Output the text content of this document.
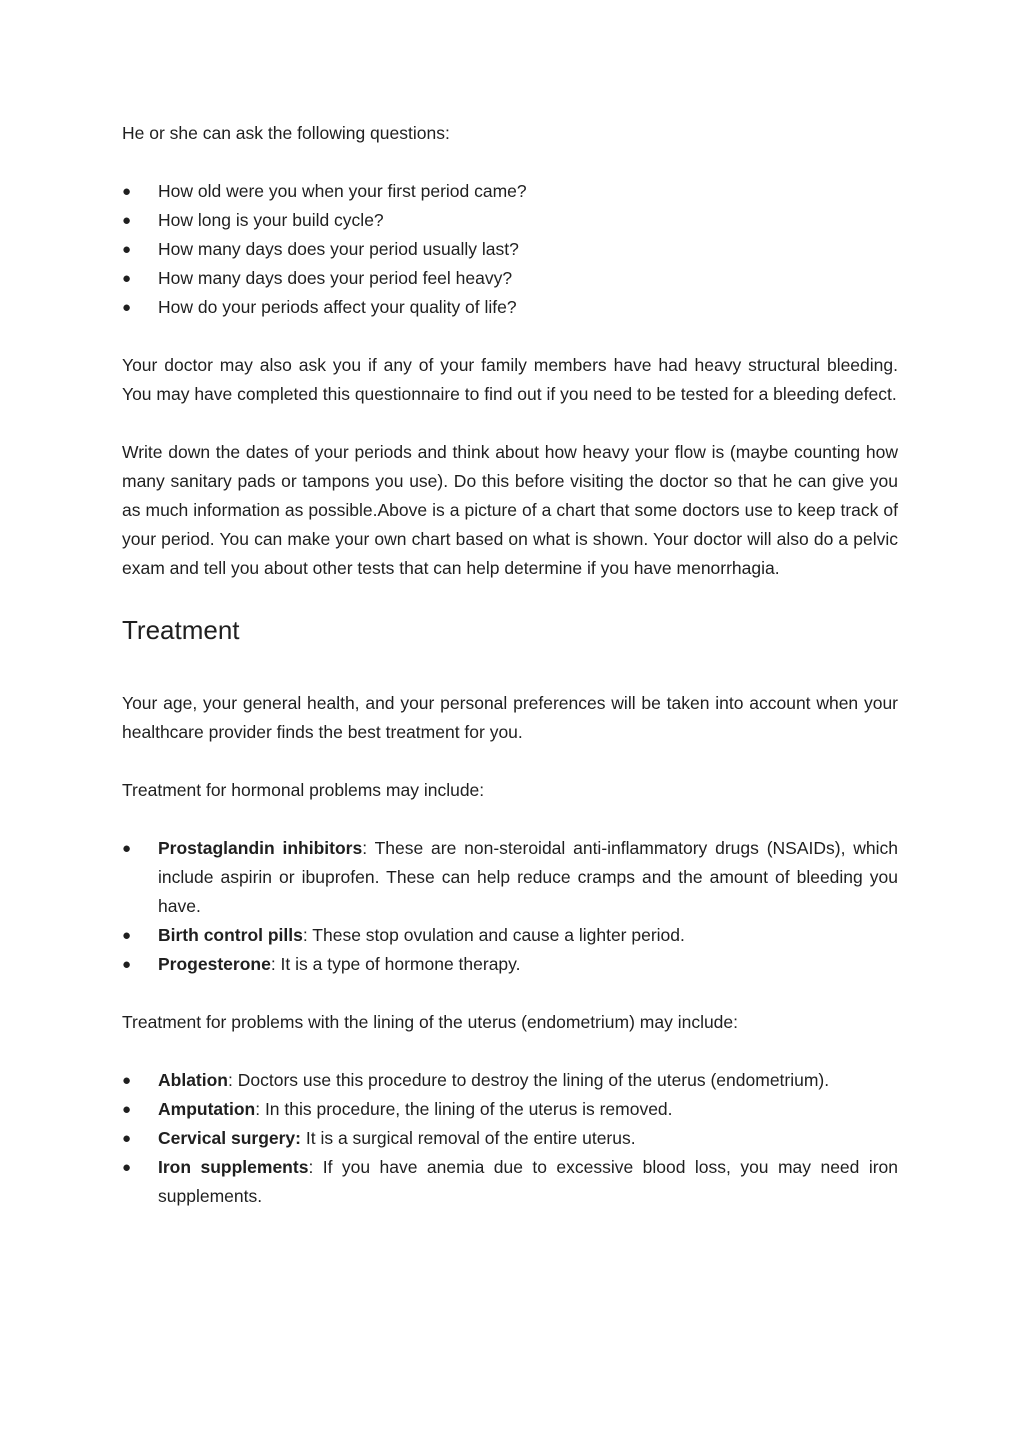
He or she can ask the following questions:

●	How old were you when your first period came?
●	How long is your build cycle?
●	How many days does your period usually last?
●	How many days does your period feel heavy?
●	How do your periods affect your quality of life?

Your doctor may also ask you if any of your family members have had heavy structural bleeding. You may have completed this questionnaire to find out if you need to be tested for a bleeding defect.

Write down the dates of your periods and think about how heavy your flow is (maybe counting how many sanitary pads or tampons you use). Do this before visiting the doctor so that he can give you as much information as possible.Above is a picture of a chart that some doctors use to keep track of your period. You can make your own chart based on what is shown. Your doctor will also do a pelvic exam and tell you about other tests that can help determine if you have menorrhagia.

Treatment

Your age, your general health, and your personal preferences will be taken into account when your healthcare provider finds the best treatment for you.

Treatment for hormonal problems may include:

●	Prostaglandin inhibitors: These are non-steroidal anti-inflammatory drugs (NSAIDs), which include aspirin or ibuprofen. These can help reduce cramps and the amount of bleeding you have.
●	Birth control pills: These stop ovulation and cause a lighter period.
●	Progesterone: It is a type of hormone therapy.

Treatment for problems with the lining of the uterus (endometrium) may include:

●	Ablation: Doctors use this procedure to destroy the lining of the uterus (endometrium).
●	Amputation: In this procedure, the lining of the uterus is removed.
●	Cervical surgery: It is a surgical removal of the entire uterus.
●	Iron supplements: If you have anemia due to excessive blood loss, you may need iron supplements.
